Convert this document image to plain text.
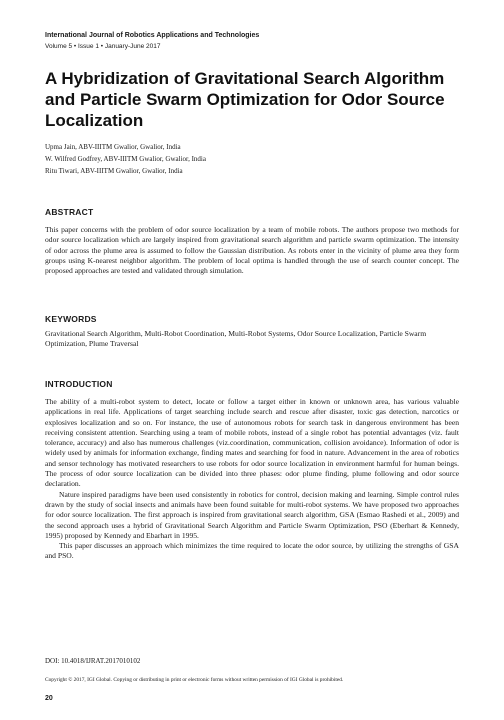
International Journal of Robotics Applications and Technologies
Volume 5 • Issue 1 • January-June 2017
A Hybridization of Gravitational Search Algorithm and Particle Swarm Optimization for Odor Source Localization
Upma Jain, ABV-IIITM Gwalior, Gwalior, India
W. Wilfred Godfrey, ABV-IIITM Gwalior, Gwalior, India
Ritu Tiwari, ABV-IIITM Gwalior, Gwalior, India
ABSTRACT

This paper concerns with the problem of odor source localization by a team of mobile robots. The authors propose two methods for odor source localization which are largely inspired from gravitational search algorithm and particle swarm optimization. The intensity of odor across the plume area is assumed to follow the Gaussian distribution. As robots enter in the vicinity of plume area they form groups using K-nearest neighbor algorithm. The problem of local optima is handled through the use of search counter concept. The proposed approaches are tested and validated through simulation.

KEYWORDS

Gravitational Search Algorithm, Multi-Robot Coordination, Multi-Robot Systems, Odor Source Localization, Particle Swarm Optimization, Plume Traversal

INTRODUCTION

The ability of a multi-robot system to detect, locate or follow a target either in known or unknown area, has various valuable applications in real life. Applications of target searching include search and rescue after disaster, toxic gas detection, narcotics or explosives localization and so on. For instance, the use of autonomous robots for search task in dangerous environment has been receiving consistent attention. Searching using a team of mobile robots, instead of a single robot has potential advantages (viz. fault tolerance, accuracy) and also has numerous challenges (viz.coordination, communication, collision avoidance). Information of odor is widely used by animals for information exchange, finding mates and searching for food in nature. Advancement in the area of robotics and sensor technology has motivated researchers to use robots for odor source localization in environment harmful for human beings. The process of odor source localization can be divided into three phases: odor plume finding, plume following and odor source declaration.

Nature inspired paradigms have been used consistently in robotics for control, decision making and learning. Simple control rules drawn by the study of social insects and animals have been found suitable for multi-robot systems. We have proposed two approaches for odor source localization. The first approach is inspired from gravitational search algorithm, GSA (Esmao Rashedi et al., 2009) and the second approach uses a hybrid of Gravitational Search Algorithm and Particle Swarm Optimization, PSO (Eberhart & Kennedy, 1995) proposed by Kennedy and Ebarhart in 1995.

This paper discusses an approach which minimizes the time required to locate the odor source, by utilizing the strengths of GSA and PSO.

DOI: 10.4018/IJRAT.2017010102
Copyright © 2017, IGI Global. Copying or distributing in print or electronic forms without written permission of IGI Global is prohibited.
20
